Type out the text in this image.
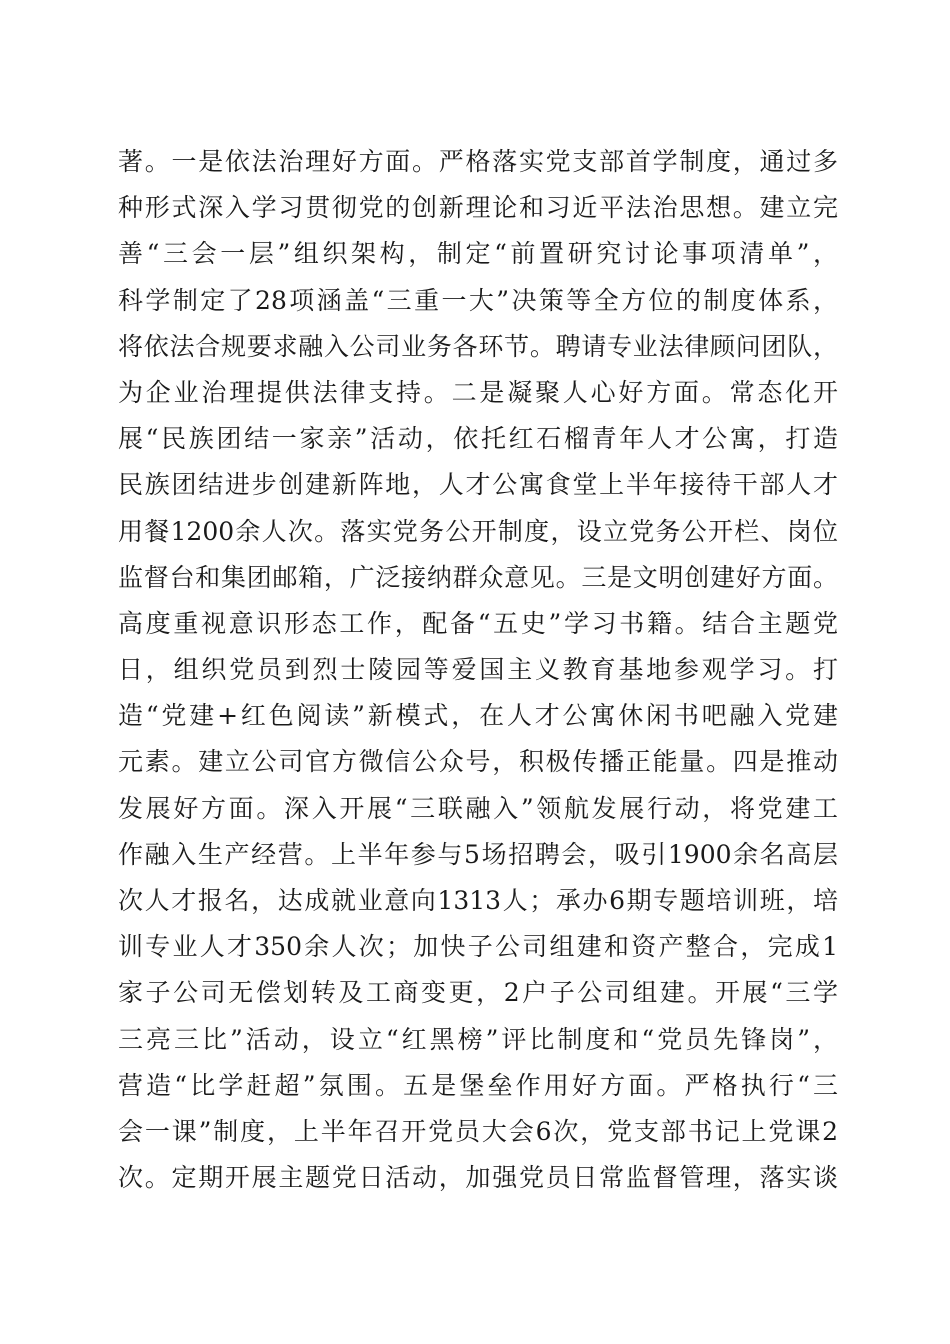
著。一是依法治理好方面。严格落实党支部首学制度，通过多
种形式深入学习贯彻党的创新理论和习近平法治思想。建立完
善“三会一层”组织架构，制定“前置研究讨论事项清单”，
科学制定了28项涵盖“三重一大”决策等全方位的制度体系，
将依法合规要求融入公司业务各环节。聘请专业法律顾问团队，
为企业治理提供法律支持。二是凝聚人心好方面。常态化开
展“民族团结一家亲”活动，依托红石榴青年人才公寓，打造
民族团结进步创建新阵地，人才公寓食堂上半年接待干部人才
用餐1200余人次。落实党务公开制度，设立党务公开栏、岗位
监督台和集团邮箱，广泛接纳群众意见。三是文明创建好方面。
高度重视意识形态工作，配备“五史”学习书籍。结合主题党
日，组织党员到烈士陵园等爱国主义教育基地参观学习。打
造“党建+红色阅读”新模式，在人才公寓休闲书吧融入党建
元素。建立公司官方微信公众号，积极传播正能量。四是推动
发展好方面。深入开展“三联融入”领航发展行动，将党建工
作融入生产经营。上半年参与5场招聘会，吸引1900余名高层
次人才报名，达成就业意向1313人；承办6期专题培训班，培
训专业人才350余人次；加快子公司组建和资产整合，完成1
家子公司无偿划转及工商变更，2户子公司组建。开展“三学
三亮三比”活动，设立“红黑榜”评比制度和“党员先锋岗”，
营造“比学赶超”氛围。五是堡垒作用好方面。严格执行“三
会一课”制度，上半年召开党员大会6次，党支部书记上党课2
次。定期开展主题党日活动，加强党员日常监督管理，落实谈
